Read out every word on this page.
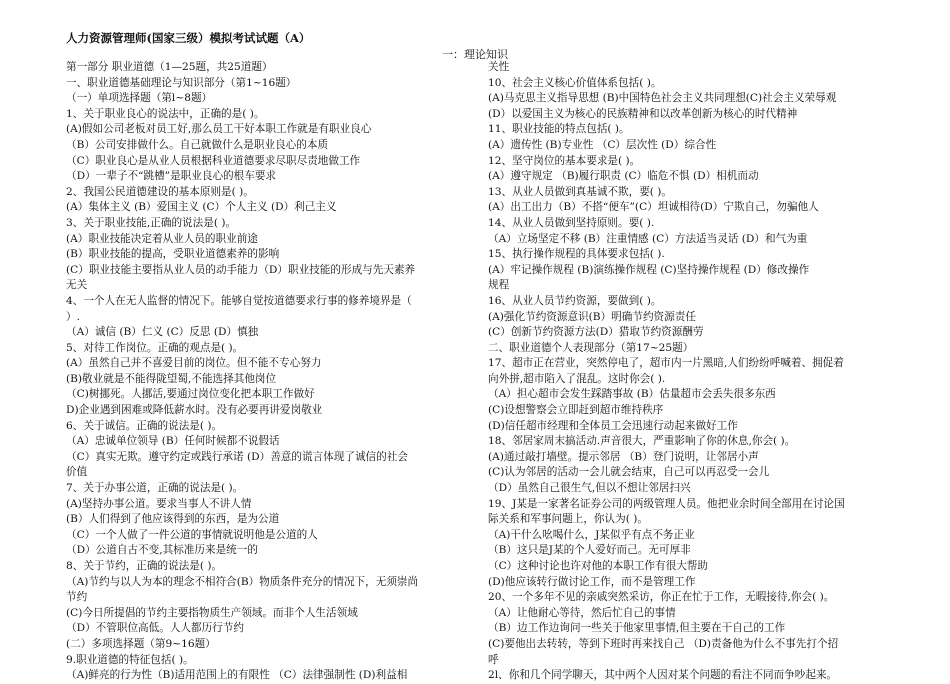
人力资源管理师(国家三级）模拟考试试题（A）
一：理论知识
第一部分 职业道德（1—25题，共25道题）
一、职业道德基础理论与知识部分（第1~16题）
（一）单项选择题（第l~8题）
1、关于职业良心的说法中，正确的是( )。
(A)假如公司老板对员工好,那么员工干好本职工作就是有职业良心
（B）公司安排做什么。自己就做什么是职业良心的本质
（C）职业良心是从业人员根据科业道德要求尽职尽责地做工作
（D）一辈子不“跳槽”是职业良心的根车要求
2、我国公民道德建设的基本原则是( )。
(A）集体主义 (B）爱国主义 (C）个人主义 (D）利己主义
3、关于职业技能,正确的说法是( )。
(A）职业技能决定着从业人员的职业前途
(B）职业技能的提高，受职业道德素养的影响
(C）职业技能主要指从业人员的动手能力（D）职业技能的形成与先天素养
无关
4、一个人在无人监督的情况下。能够自觉按道德要求行事的修养境界是（
）.
（A）诚信 (B）仁义 (C）反思 (D）慎独
5、对待工作岗位。正确的观点是( )。
(A）虽然自己并不喜爱目前的岗位。但不能不专心努力
(B)敬业就是不能得陇望蜀,不能选择其他岗位
（C)树挪死。人挪活,要通过岗位变化把本职工作做好
D)企业遇到困难或降低薪水时。没有必要再讲爱岗敬业
6、关于诚信。正确的说法是( )。
（A）忠诚单位领导 (B）任何时候都不说假话
（C）真实无欺。遵守约定或践行承诺 (D）善意的谎言体现了诚信的社会
价值
7、关于办事公道，正确的说法是( )。
(A)坚持办事公道。要求当事人不讲人情
(B）人们得到了他应该得到的东西，是为公道
（C）一个人做了一件公道的事情就说明他是公道的人
（D）公道自古不变,其标准历来是统一的
8、关于节约，正确的说法是( )。
（A)节约与以人为本的理念不相符合(B）物质条件充分的情况下，无须崇尚
节约
(C)今日所提倡的节约主要指物质生产领域。而非个人生活领域
（D）不管职位高低。人人都历行节约
(二）多项选择题（第9~16题）
9.职业道德的特征包括( )。
（A)鲜亮的行为性（B)适用范围上的有限性 （C）法律强制性 (D)利益相
关性
10、社会主义核心价值体系包括( )。
(A)马克思主义指导思想 (B)中国特色社会主义共同理想(C)社会主义荣辱观
(D）以爱国主义为核心的民族精神和以改革创新为核心的时代精神
11、职业技能的特点包括( )。
(A）遗传性 (B)专业性 （C）层次性 (D）综合性
12、坚守岗位的基本要求是( )。
(A）遵守规定 （B)履行职责 (C）临危不惧 (D）相机而动
13、从业人员做到真基诚不欺，要( )。
(A）出工出力（B）不搭“便车”(C）坦诚相待(D）宁欺自己，勿骗他人
14、从业人员做到坚持原则。要( ).
（A）立场坚定不移 (B）注重情感 (C）方法适当灵话 (D）和气为重
15、执行操作规程的具体要求包括( ).
(A）牢记操作规程 (B)演练操作规程 (C)坚持操作规程 (D）修改操作
规程
16、从业人员节约资源，要做到( )。
(A)强化节约资源意识(B）明确节约资源责任
(C）创新节约资源方法(D）猎取节约资源酬劳
二、职业道德个人表现部分（第17~25题）
17、超市正在营业，突然停电了，超市内一片黑暗,人们纷纷呼喊着、拥促着
向外拼,超市陷入了混乱。这时你会( ).
（A）担心超市会发生踩踏事故 (B）估量超市会丢失很多东西
(C)设想警察会立即赶到超市维持秩序
(D)信任超市经理和全体员工会迅速行动起来做好工作
18、邻居家周末搞活动.声音很大，严重影响了你的休息,你会( )。
(A)通过敲打墙壁。提示邻居 （B）登门说明，让邻居小声
(C)认为邻居的活动一会儿就会结束，自己可以再忍受一会儿
（D）虽然自己很生气,但以不想让邻居扫兴
19、J某是一家著名证券公司的两级管理人员。他把业余时间全部用在讨论国
际关系和军事问题上，你认为( )。
（A)干什么吆喝什么，J某似乎有点不务正业
（B）这只是J某的个人爱好而己。无可厚非
（C）这种讨论也许对他的本职工作有很大帮助
(D)他应该转行做讨论工作，而不是管理工作
20、一个多年不见的亲戚突然采访，你正在忙于工作，无暇接待,你会( )。
（A）让他耐心等待，然后忙自己的事情
（B）边工作边询问一些关于他家里事情,但主要在干自己的工作
(C)要他出去转转，等到下班时再来找自己 （D)责备他为什么不事先打个招
呼
2l、你和几个同学聊天，其中两个人因对某个问题的看注不同而争吵起来。
